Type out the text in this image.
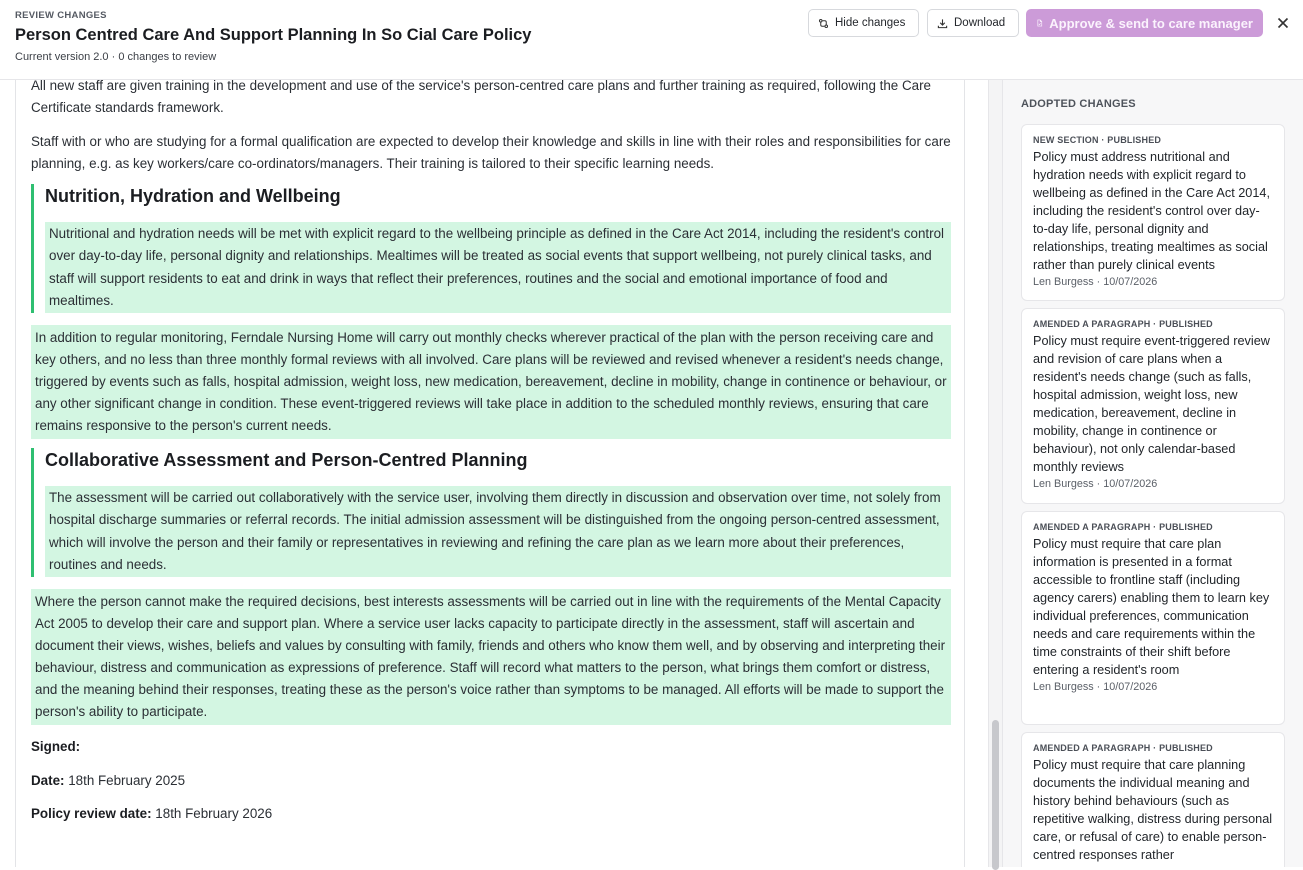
REVIEW CHANGES
Person Centred Care And Support Planning In So Cial Care Policy
Current version 2.0 · 0 changes to review
Hide changes	Download	Approve & send to care manager
All new staff are given training in the development and use of the service's person-centred care plans and further training as required, following the Care Certificate standards framework.
Staff with or who are studying for a formal qualification are expected to develop their knowledge and skills in line with their roles and responsibilities for care planning, e.g. as key workers/care co-ordinators/managers. Their training is tailored to their specific learning needs.
Nutrition, Hydration and Wellbeing
Nutritional and hydration needs will be met with explicit regard to the wellbeing principle as defined in the Care Act 2014, including the resident's control over day-to-day life, personal dignity and relationships. Mealtimes will be treated as social events that support wellbeing, not purely clinical tasks, and staff will support residents to eat and drink in ways that reflect their preferences, routines and the social and emotional importance of food and mealtimes.
In addition to regular monitoring, Ferndale Nursing Home will carry out monthly checks wherever practical of the plan with the person receiving care and key others, and no less than three monthly formal reviews with all involved. Care plans will be reviewed and revised whenever a resident's needs change, triggered by events such as falls, hospital admission, weight loss, new medication, bereavement, decline in mobility, change in continence or behaviour, or any other significant change in condition. These event-triggered reviews will take place in addition to the scheduled monthly reviews, ensuring that care remains responsive to the person's current needs.
Collaborative Assessment and Person-Centred Planning
The assessment will be carried out collaboratively with the service user, involving them directly in discussion and observation over time, not solely from hospital discharge summaries or referral records. The initial admission assessment will be distinguished from the ongoing person-centred assessment, which will involve the person and their family or representatives in reviewing and refining the care plan as we learn more about their preferences, routines and needs.
Where the person cannot make the required decisions, best interests assessments will be carried out in line with the requirements of the Mental Capacity Act 2005 to develop their care and support plan. Where a service user lacks capacity to participate directly in the assessment, staff will ascertain and document their views, wishes, beliefs and values by consulting with family, friends and others who know them well, and by observing and interpreting their behaviour, distress and communication as expressions of preference. Staff will record what matters to the person, what brings them comfort or distress, and the meaning behind their responses, treating these as the person's voice rather than symptoms to be managed. All efforts will be made to support the person's ability to participate.
Signed:
Date: 18th February 2025
Policy review date: 18th February 2026
ADOPTED CHANGES
NEW SECTION · PUBLISHED
Policy must address nutritional and hydration needs with explicit regard to wellbeing as defined in the Care Act 2014, including the resident's control over day-to-day life, personal dignity and relationships, treating mealtimes as social rather than purely clinical events
Len Burgess · 10/07/2026
AMENDED A PARAGRAPH · PUBLISHED
Policy must require event-triggered review and revision of care plans when a resident's needs change (such as falls, hospital admission, weight loss, new medication, bereavement, decline in mobility, change in continence or behaviour), not only calendar-based monthly reviews
Len Burgess · 10/07/2026
AMENDED A PARAGRAPH · PUBLISHED
Policy must require that care plan information is presented in a format accessible to frontline staff (including agency carers) enabling them to learn key individual preferences, communication needs and care requirements within the time constraints of their shift before entering a resident's room
Len Burgess · 10/07/2026
AMENDED A PARAGRAPH · PUBLISHED
Policy must require that care planning documents the individual meaning and history behind behaviours (such as repetitive walking, distress during personal care, or refusal of care) to enable person-centred responses rather
